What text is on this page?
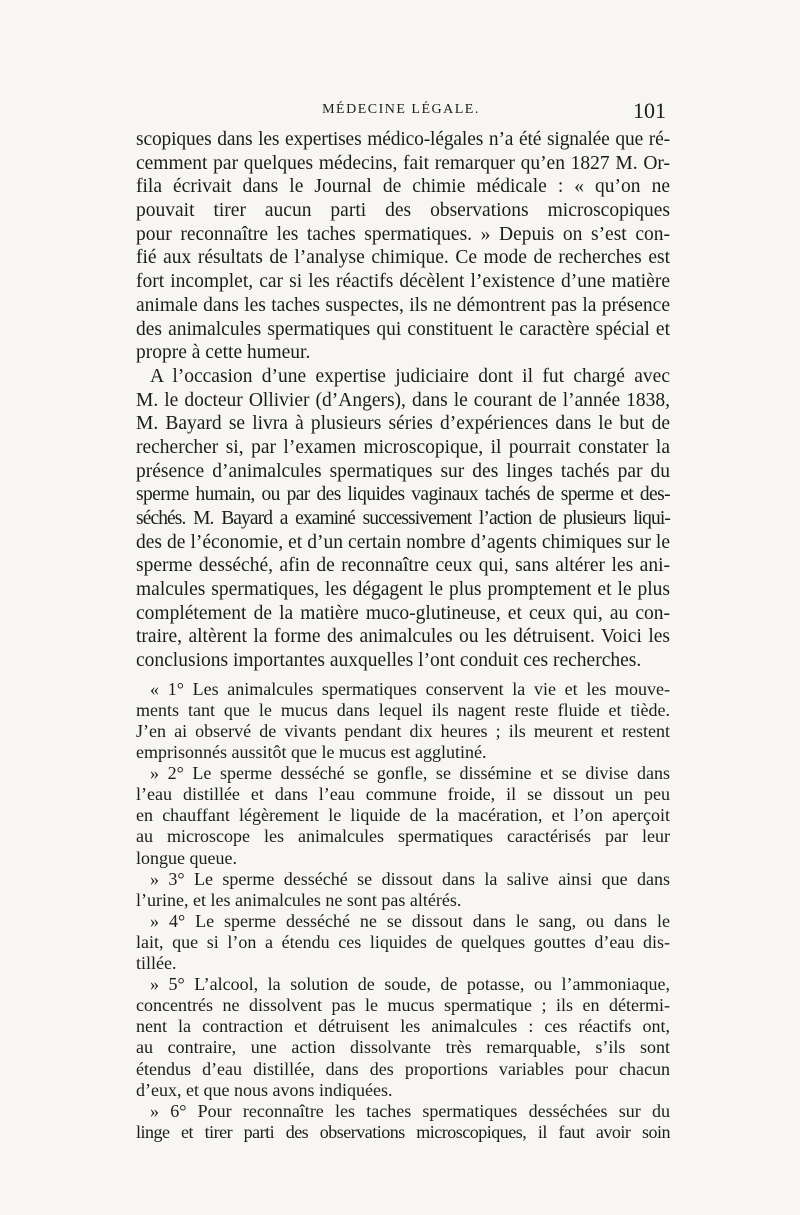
MÉDECINE LÉGALE.	101
scopiques dans les expertises médico-légales n’a été signalée que ré-
cemment par quelques médecins, fait remarquer qu’en 1827 M. Or-
fila écrivait dans le Journal de chimie médicale : « qu’on ne
pouvait tirer aucun parti des observations microscopiques
pour reconnaître les taches spermatiques. » Depuis on s’est con-
fié aux résultats de l’analyse chimique. Ce mode de recherches est
fort incomplet, car si les réactifs décèlent l’existence d’une matière
animale dans les taches suspectes, ils ne démontrent pas la présence
des animalcules spermatiques qui constituent le caractère spécial et
propre à cette humeur.
A l’occasion d’une expertise judiciaire dont il fut chargé avec
M. le docteur Ollivier (d’Angers), dans le courant de l’année 1838,
M. Bayard se livra à plusieurs séries d’expériences dans le but de
rechercher si, par l’examen microscopique, il pourrait constater la
présence d’animalcules spermatiques sur des linges tachés par du
sperme humain, ou par des liquides vaginaux tachés de sperme et des-
séchés. M. Bayard a examiné successivement l’action de plusieurs liqui-
des de l’économie, et d’un certain nombre d’agents chimiques sur le
sperme desséché, afin de reconnaître ceux qui, sans altérer les ani-
malcules spermatiques, les dégagent le plus promptement et le plus
complétement de la matière muco-glutineuse, et ceux qui, au con-
traire, altèrent la forme des animalcules ou les détruisent. Voici les
conclusions importantes auxquelles l’ont conduit ces recherches.
« 1° Les animalcules spermatiques conservent la vie et les mouve-
ments tant que le mucus dans lequel ils nagent reste fluide et tiède.
J’en ai observé de vivants pendant dix heures ; ils meurent et restent
emprisonnés aussitôt que le mucus est agglutiné.
» 2° Le sperme desséché se gonfle, se dissémine et se divise dans
l’eau distillée et dans l’eau commune froide, il se dissout un peu
en chauffant légèrement le liquide de la macération, et l’on aperçoit
au microscope les animalcules spermatiques caractérisés par leur
longue queue.
» 3° Le sperme desséché se dissout dans la salive ainsi que dans
l’urine, et les animalcules ne sont pas altérés.
» 4° Le sperme desséché ne se dissout dans le sang, ou dans le
lait, que si l’on a étendu ces liquides de quelques gouttes d’eau dis-
tillée.
» 5° L’alcool, la solution de soude, de potasse, ou l’ammoniaque,
concentrés ne dissolvent pas le mucus spermatique ; ils en détermi-
nent la contraction et détruisent les animalcules : ces réactifs ont,
au contraire, une action dissolvante très remarquable, s’ils sont
étendus d’eau distillée, dans des proportions variables pour chacun
d’eux, et que nous avons indiquées.
» 6° Pour reconnaître les taches spermatiques desséchées sur du
linge et tirer parti des observations microscopiques, il faut avoir soin
